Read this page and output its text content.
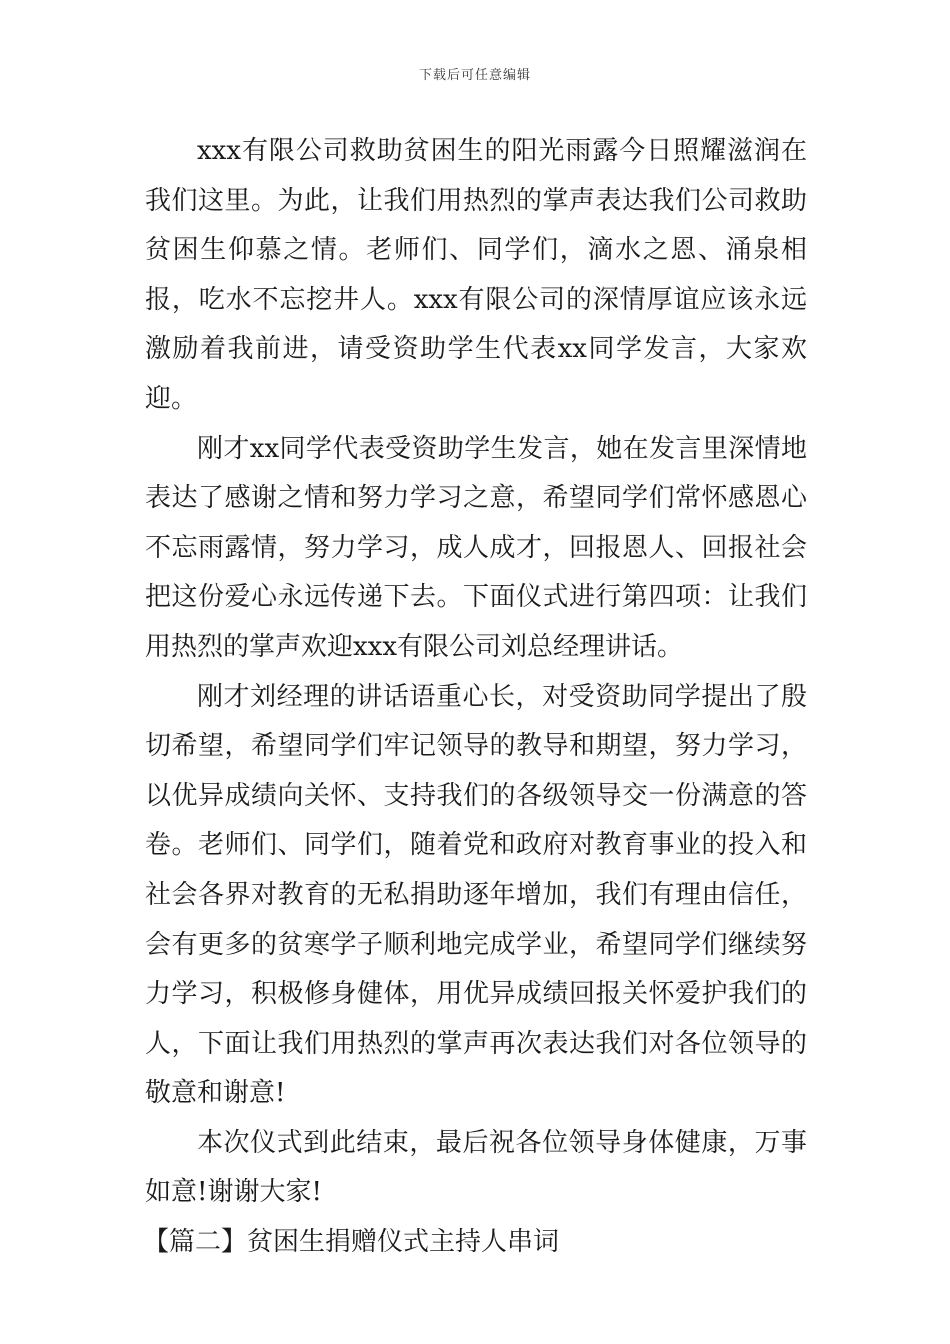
下载后可任意编辑

xxx有限公司救助贫困生的阳光雨露今日照耀滋润在我们这里。为此，让我们用热烈的掌声表达我们公司救助贫困生仰慕之情。老师们、同学们，滴水之恩、涌泉相报，吃水不忘挖井人。xxx有限公司的深情厚谊应该永远激励着我前进，请受资助学生代表xx同学发言，大家欢迎。

刚才xx同学代表受资助学生发言，她在发言里深情地表达了感谢之情和努力学习之意，希望同学们常怀感恩心不忘雨露情，努力学习，成人成才，回报恩人、回报社会把这份爱心永远传递下去。下面仪式进行第四项：让我们用热烈的掌声欢迎xxx有限公司刘总经理讲话。

刚才刘经理的讲话语重心长，对受资助同学提出了殷切希望，希望同学们牢记领导的教导和期望，努力学习，以优异成绩向关怀、支持我们的各级领导交一份满意的答卷。老师们、同学们，随着党和政府对教育事业的投入和社会各界对教育的无私捐助逐年增加，我们有理由信任，会有更多的贫寒学子顺利地完成学业，希望同学们继续努力学习，积极修身健体，用优异成绩回报关怀爱护我们的人，下面让我们用热烈的掌声再次表达我们对各位领导的敬意和谢意!

本次仪式到此结束，最后祝各位领导身体健康，万事如意!谢谢大家!

【篇二】贫困生捐赠仪式主持人串词
